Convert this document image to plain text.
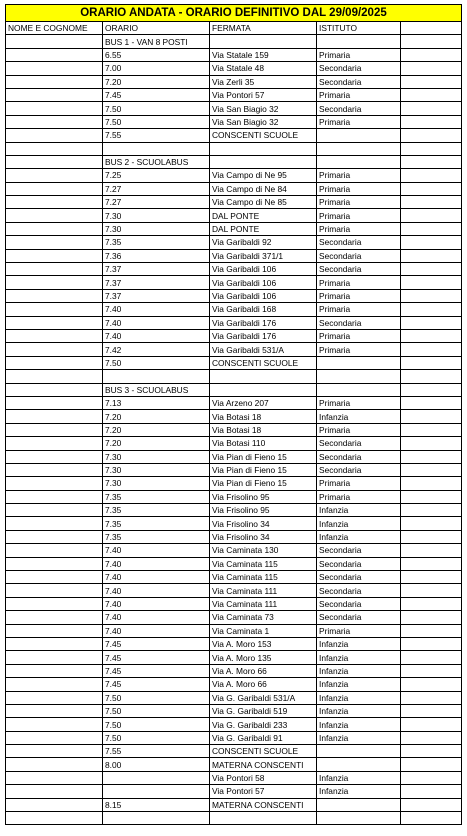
ORARIO ANDATA - ORARIO DEFINITIVO DAL 29/09/2025				
NOME E COGNOME	ORARIO	FERMATA	ISTITUTO	
	BUS 1 - VAN 8 POSTI			
	6.55	Via Statale 159	Primaria	
	7.00	Via Statale 48	Secondaria	
	7.20	Via Zerli 35	Secondaria	
	7.45	Via Pontori 57	Primaria	
	7.50	Via San Biagio 32	Secondaria	
	7.50	Via San Biagio 32	Primaria	
	7.55	CONSCENTI SCUOLE		

	BUS 2 - SCUOLABUS			
	7.25	Via Campo di Ne 95	Primaria	
	7.27	Via Campo di Ne 84	Primaria	
	7.27	Via Campo di Ne 85	Primaria	
	7.30	DAL PONTE	Primaria	
	7.30	DAL PONTE	Primaria	
	7.35	Via Garibaldi 92	Secondaria	
	7.36	Via Garibaldi 371/1	Secondaria	
	7.37	Via Garibaldi 106	Secondaria	
	7.37	Via Garibaldi 106	Primaria	
	7.37	Via Garibaldi 106	Primaria	
	7.40	Via Garibaldi 168	Primaria	
	7.40	Via Garibaldi 176	Secondaria	
	7.40	Via Garibaldi 176	Primaria	
	7.42	Via Garibaldi 531/A	Primaria	
	7.50	CONSCENTI SCUOLE		

	BUS 3 - SCUOLABUS			
	7.13	Via Arzeno 207	Primaria	
	7.20	Via Botasi 18	Infanzia	
	7.20	Via Botasi 18	Primaria	
	7.20	Via Botasi 110	Secondaria	
	7.30	Via Pian di Fieno 15	Secondaria	
	7.30	Via Pian di Fieno 15	Secondaria	
	7.30	Via Pian di Fieno 15	Primaria	
	7.35	Via Frisolino 95	Primaria	
	7.35	Via Frisolino 95	Infanzia	
	7.35	Via Frisolino 34	Infanzia	
	7.35	Via Frisolino 34	Infanzia	
	7.40	Via Caminata 130	Secondaria	
	7.40	Via Caminata 115	Secondaria	
	7.40	Via Caminata 115	Secondaria	
	7.40	Via Caminata 111	Secondaria	
	7.40	Via Caminata 111	Secondaria	
	7.40	Via Caminata 73	Secondaria	
	7.40	Via Caminata 1	Primaria	
	7.45	Via A. Moro 153	Infanzia	
	7.45	Via A. Moro 135	Infanzia	
	7.45	Via A. Moro 66	Infanzia	
	7.45	Via A. Moro 66	Infanzia	
	7.50	Via G. Garibaldi 531/A	Infanzia	
	7.50	Via G. Garibaldi 519	Infanzia	
	7.50	Via G. Garibaldi 233	Infanzia	
	7.50	Via G. Garibaldi 91	Infanzia	
	7.55	CONSCENTI SCUOLE		
	8.00	MATERNA CONSCENTI		
		Via Pontori 58	Infanzia	
		Via Pontori 57	Infanzia	
	8.15	MATERNA CONSCENTI		
